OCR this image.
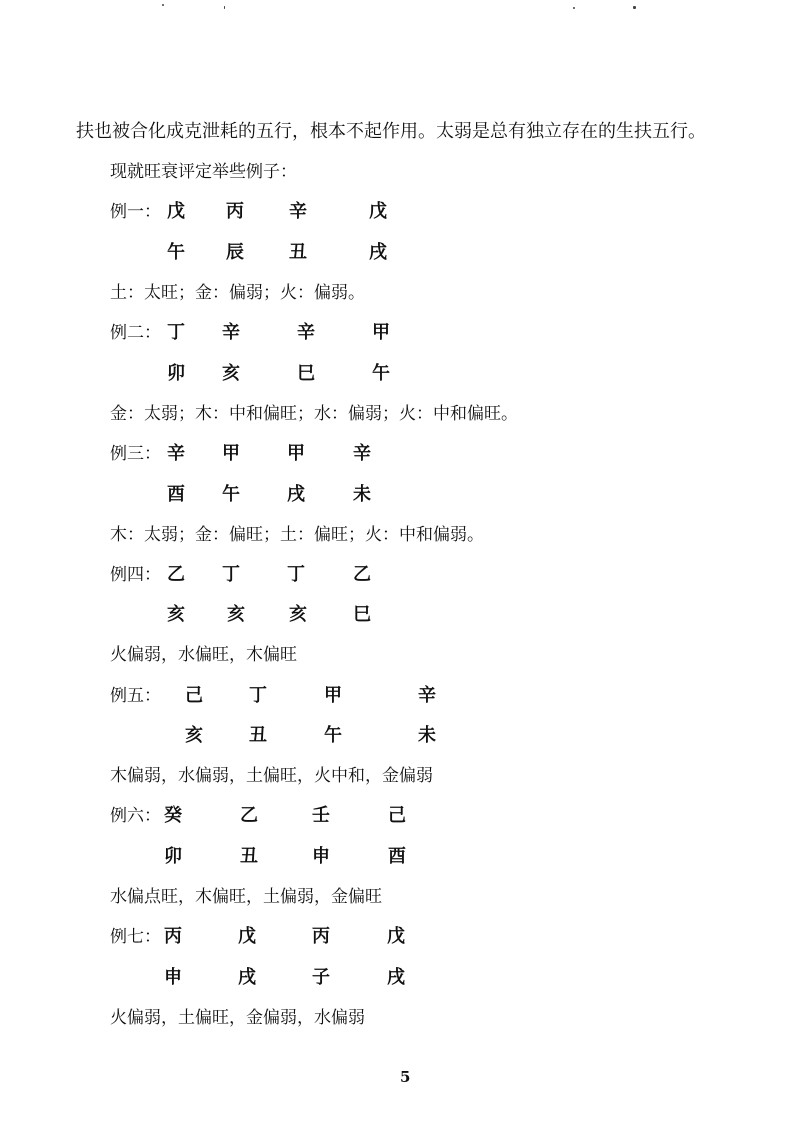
扶也被合化成克泄耗的五行，根本不起作用。太弱是总有独立存在的生扶五行。
现就旺衰评定举些例子：
例一： 戊 丙	辛	戊
午 辰	丑	戌
土：太旺；金：偏弱；火：偏弱。
例二： 丁 辛	辛	甲
卯 亥	巳	午
金：太弱；木：中和偏旺；水：偏弱；火：中和偏旺。
例三： 辛 甲	甲	辛
酉 午	戌	未
木：太弱；金：偏旺；土：偏旺；火：中和偏弱。
例四： 乙 丁	丁	乙
亥 亥 亥	巳
火偏弱，水偏旺，木偏旺
例五： 己	丁	甲	辛
亥	丑	午	未
木偏弱，水偏弱，土偏旺，火中和，金偏弱
例六： 癸	乙	壬	己
卯	丑	申	酉
水偏点旺，木偏旺，土偏弱，金偏旺
例七： 丙	戊	丙	戊
申	戌	子	戌
火偏弱，土偏旺，金偏弱，水偏弱
5
